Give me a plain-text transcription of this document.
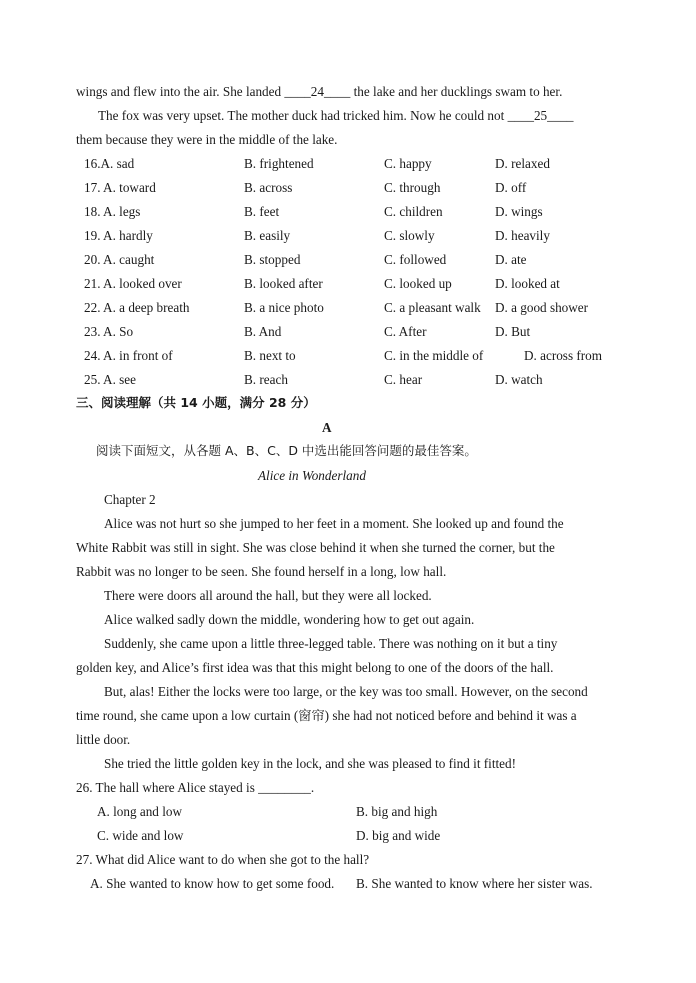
wings and flew into the air. She landed ____24____ the lake and her ducklings swam to her.
The fox was very upset. The mother duck had tricked him. Now he could not ____25____
them because they were in the middle of the lake.
16.A. sad	B. frightened	C. happy	D. relaxed
17. A. toward	B. across	C. through	D. off
18. A. legs	B. feet	C. children	D. wings
19. A. hardly	B. easily	C. slowly	D. heavily
20. A. caught	B. stopped	C. followed	D. ate
21. A. looked over	B. looked after	C. looked up	D. looked at
22. A. a deep breath	B. a nice photo	C. a pleasant walk D. a good shower
23. A. So	B. And	C. After	D. But
24. A. in front of	B. next to	C. in the middle of	D. across from
25. A. see	B. reach	C. hear	D. watch
三、阅读理解（共 14 小题，满分 28 分）
A
阅读下面短文，从各题 A、B、C、D 中选出能回答问题的最佳答案。
Alice in Wonderland
Chapter 2
Alice was not hurt so she jumped to her feet in a moment. She looked up and found the
White Rabbit was still in sight. She was close behind it when she turned the corner, but the
Rabbit was no longer to be seen. She found herself in a long, low hall.
There were doors all around the hall, but they were all locked.
Alice walked sadly down the middle, wondering how to get out again.
Suddenly, she came upon a little three-legged table. There was nothing on it but a tiny
golden key, and Alice’s first idea was that this might belong to one of the doors of the hall.
But, alas! Either the locks were too large, or the key was too small. However, on the second
time round, she came upon a low curtain (窗帘) she had not noticed before and behind it was a
little door.
She tried the little golden key in the lock, and she was pleased to find it fitted!
26. The hall where Alice stayed is ________.
A. long and low	B. big and high
C. wide and low	D. big and wide
27. What did Alice want to do when she got to the hall?
A. She wanted to know how to get some food. B. She wanted to know where her sister was.
